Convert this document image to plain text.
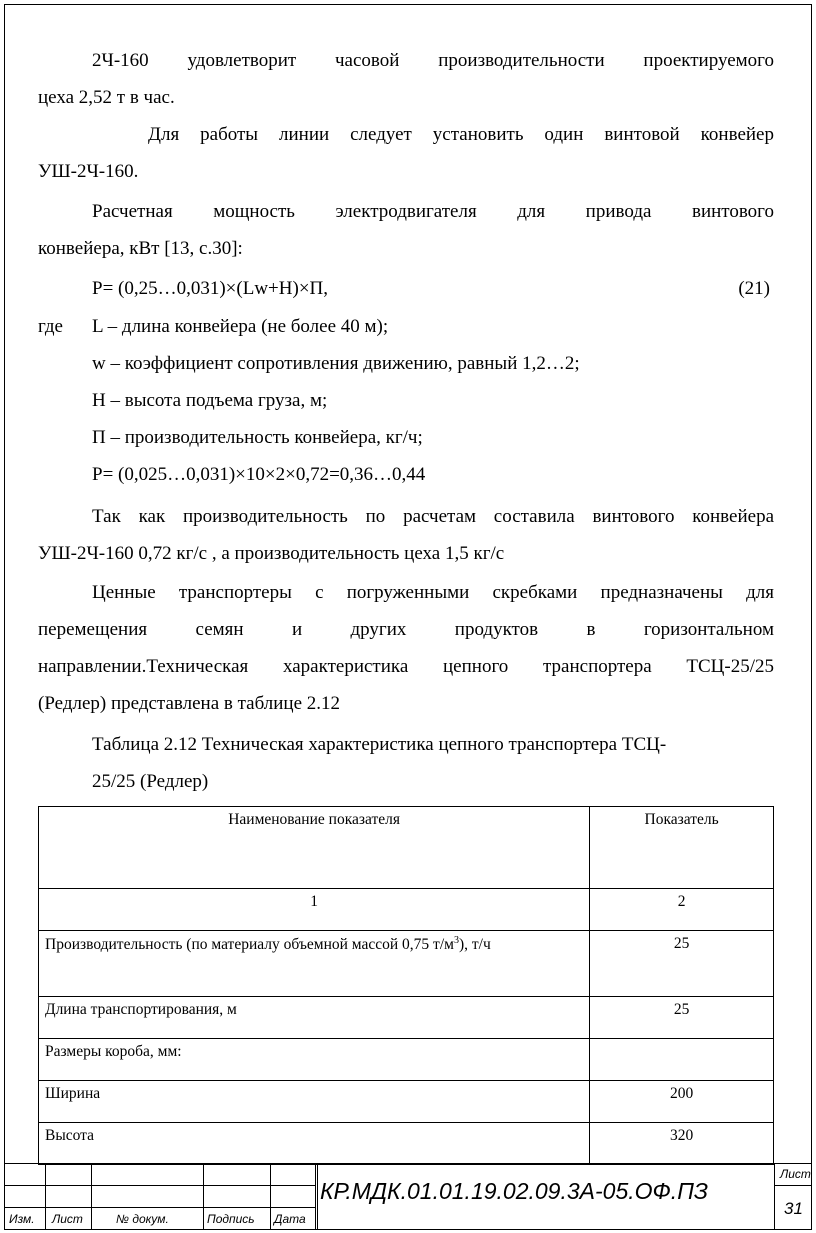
2Ч-160 удовлетворит часовой производительности проектируемого
цеха 2,52 т в час.
Для работы линии следует установить один винтовой конвейер
УШ-2Ч-160.
Расчетная мощность электродвигателя для привода винтового
конвейера, кВт [13, с.30]:
P= (0,25…0,031)×(Lw+H)×П,	(21)
где	L – длина конвейера (не более 40 м);
w – коэффициент сопротивления движению, равный 1,2…2;
H – высота подъема груза, м;
П – производительность конвейера, кг/ч;
P= (0,025…0,031)×10×2×0,72=0,36…0,44
Так как производительность по расчетам составила винтового конвейера
УШ-2Ч-160 0,72 кг/с , а производительность цеха 1,5 кг/с
Ценные транспортеры с погруженными скребками предназначены для
перемещения семян и других продуктов в горизонтальном
направлении.Техническая характеристика цепного транспортера ТСЦ-25/25
(Редлер) представлена в таблице 2.12
Таблица 2.12 Техническая характеристика цепного транспортера ТСЦ-
25/25 (Редлер)
Наименование показателя	Показатель
1	2
Производительность (по материалу объемной массой 0,75 $т/м^3$), т/ч	25
Длина транспортирования, м	25
Размеры короба, мм:	
Ширина	200
Высота	320
Изм. Лист	№ докум.	Подпись Дата
КР.МДК.01.01.19.02.09.3А-05.ОФ.ПЗ
Лист
31
